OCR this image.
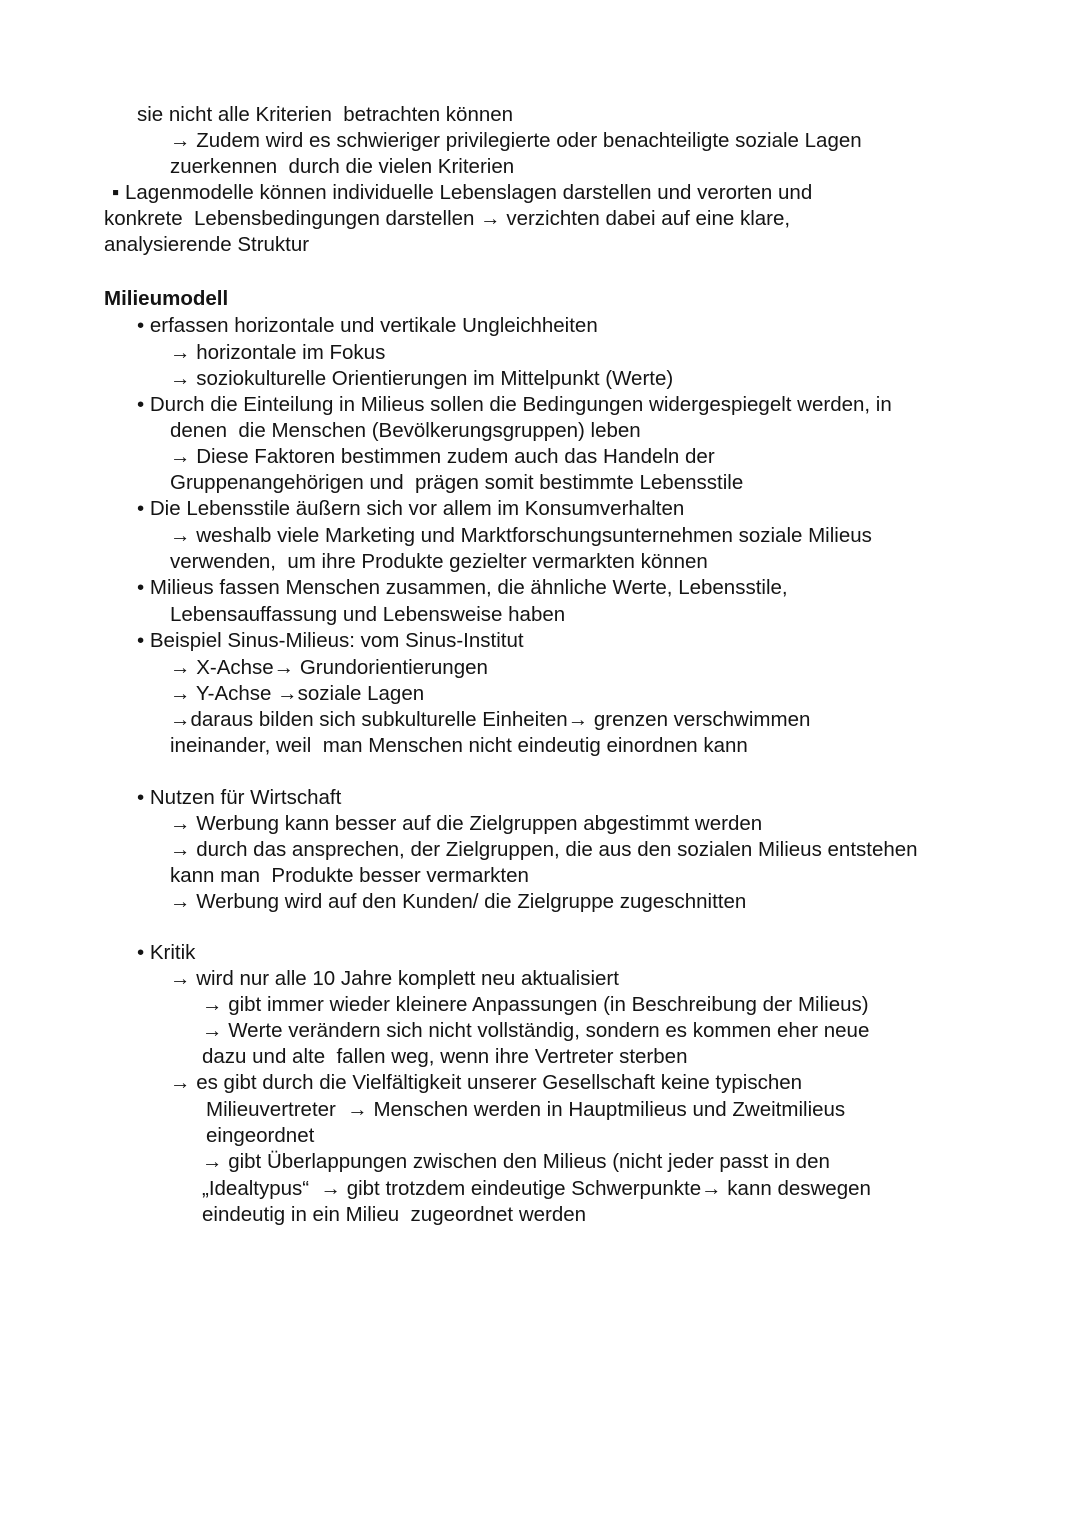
sie nicht alle Kriterien  betrachten können
→ Zudem wird es schwieriger privilegierte oder benachteiligte soziale Lagen
zuerkennen  durch die vielen Kriterien
▪ Lagenmodelle können individuelle Lebenslagen darstellen und verorten und
konkrete  Lebensbedingungen darstellen → verzichten dabei auf eine klare,
analysierende Struktur
Milieumodell
• erfassen horizontale und vertikale Ungleichheiten
→ horizontale im Fokus
→ soziokulturelle Orientierungen im Mittelpunkt (Werte)
• Durch die Einteilung in Milieus sollen die Bedingungen widergespiegelt werden, in
denen  die Menschen (Bevölkerungsgruppen) leben
→ Diese Faktoren bestimmen zudem auch das Handeln der
Gruppenangehörigen und  prägen somit bestimmte Lebensstile
• Die Lebensstile äußern sich vor allem im Konsumverhalten
→ weshalb viele Marketing und Marktforschungsunternehmen soziale Milieus
verwenden,  um ihre Produkte gezielter vermarkten können
• Milieus fassen Menschen zusammen, die ähnliche Werte, Lebensstile,
Lebensauffassung und Lebensweise haben
• Beispiel Sinus-Milieus: vom Sinus-Institut
→ X-Achse→ Grundorientierungen
→ Y-Achse →soziale Lagen
→daraus bilden sich subkulturelle Einheiten→ grenzen verschwimmen
ineinander, weil  man Menschen nicht eindeutig einordnen kann
• Nutzen für Wirtschaft
→ Werbung kann besser auf die Zielgruppen abgestimmt werden
→ durch das ansprechen, der Zielgruppen, die aus den sozialen Milieus entstehen
kann man  Produkte besser vermarkten
→ Werbung wird auf den Kunden/ die Zielgruppe zugeschnitten
• Kritik
→ wird nur alle 10 Jahre komplett neu aktualisiert
→ gibt immer wieder kleinere Anpassungen (in Beschreibung der Milieus)
→ Werte verändern sich nicht vollständig, sondern es kommen eher neue
dazu und alte  fallen weg, wenn ihre Vertreter sterben
→ es gibt durch die Vielfältigkeit unserer Gesellschaft keine typischen
Milieuvertreter  → Menschen werden in Hauptmilieus und Zweitmilieus
eingeordnet
→ gibt Überlappungen zwischen den Milieus (nicht jeder passt in den
„Idealtypus“  → gibt trotzdem eindeutige Schwerpunkte→ kann deswegen
eindeutig in ein Milieu  zugeordnet werden
